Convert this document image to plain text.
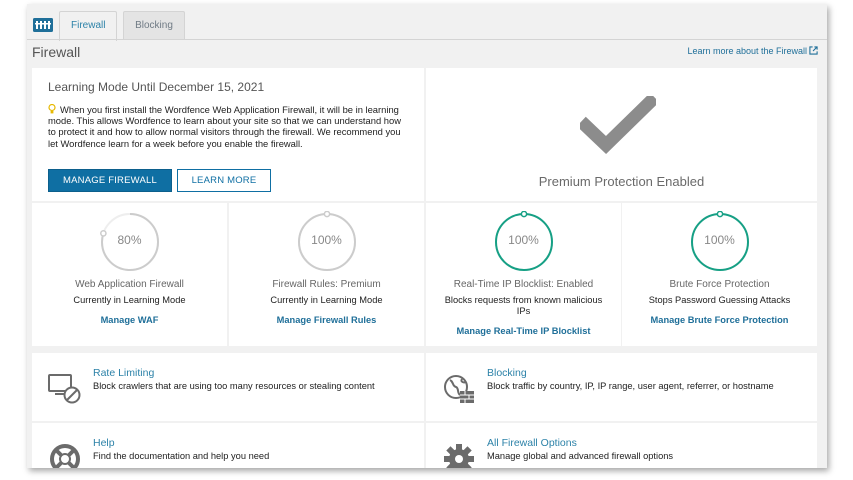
Firewall	Blocking
Firewall	Learn more about the Firewall
Learning Mode Until December 15, 2021
When you first install the Wordfence Web Application Firewall, it will be in learning mode. This allows Wordfence to learn about your site so that we can understand how to protect it and how to allow normal visitors through the firewall. We recommend you let Wordfence learn for a week before you enable the firewall.
MANAGE FIREWALL	LEARN MORE	Premium Protection Enabled
80%
Web Application Firewall
Currently in Learning Mode
Manage WAF
100%
Firewall Rules: Premium
Currently in Learning Mode
Manage Firewall Rules
100%
Real-Time IP Blocklist: Enabled
Blocks requests from known malicious IPs
Manage Real-Time IP Blocklist
100%
Brute Force Protection
Stops Password Guessing Attacks
Manage Brute Force Protection
Rate Limiting
Block crawlers that are using too many resources or stealing content
Blocking
Block traffic by country, IP, IP range, user agent, referrer, or hostname
Help
Find the documentation and help you need
All Firewall Options
Manage global and advanced firewall options
